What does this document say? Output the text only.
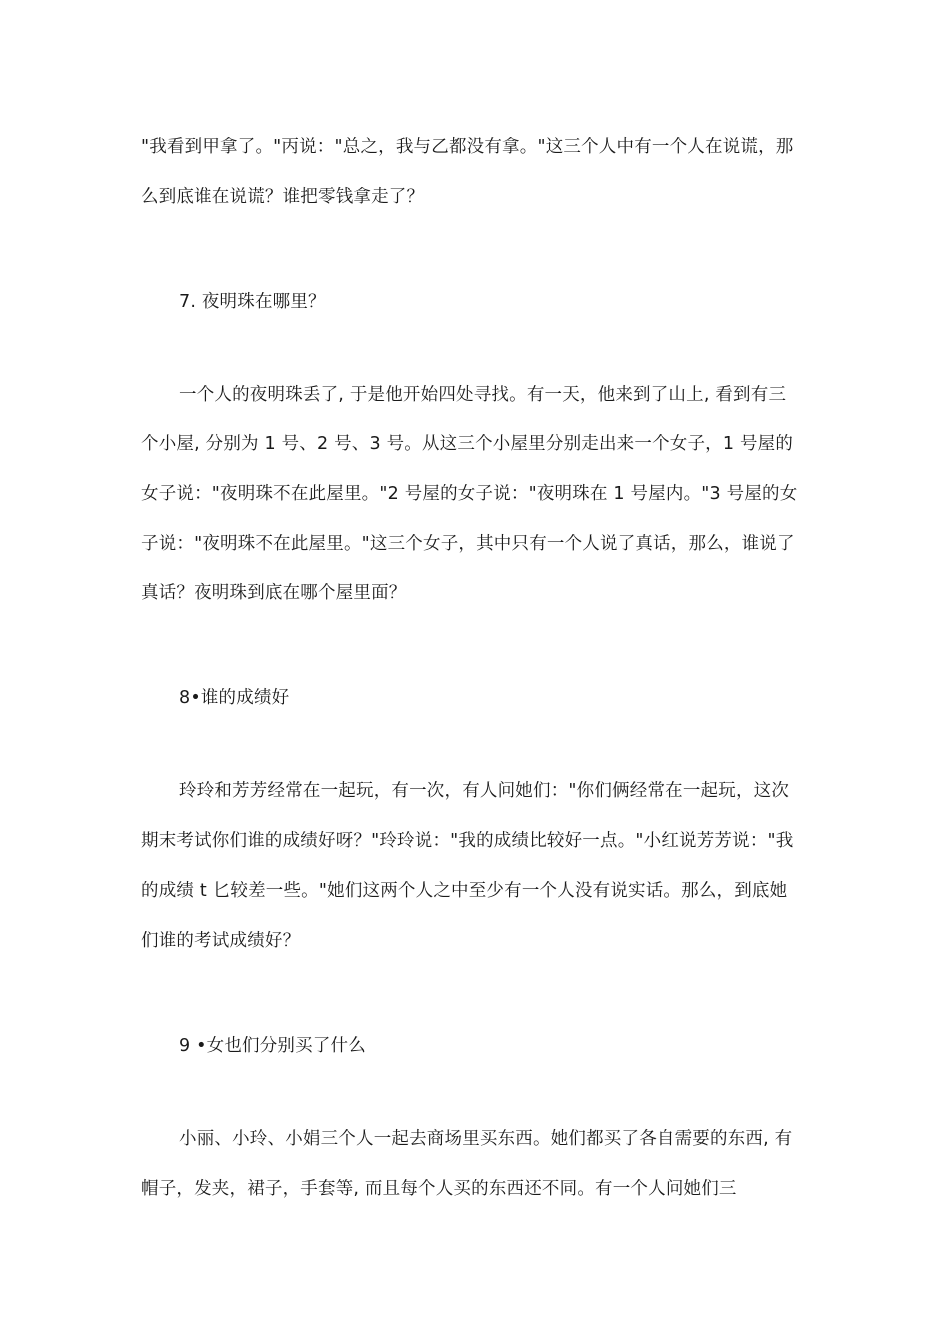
"我看到甲拿了。"丙说："总之，我与乙都没有拿。"这三个人中有一个人在说谎，那
么到底谁在说谎？谁把零钱拿走了？
7. 夜明珠在哪里？
一个人的夜明珠丢了, 于是他开始四处寻找。有一天，他来到了山上, 看到有三
个小屋, 分别为 1 号、2 号、3 号。从这三个小屋里分别走出来一个女子，1 号屋的
女子说："夜明珠不在此屋里。"2 号屋的女子说："夜明珠在 1 号屋内。"3 号屋的女
子说："夜明珠不在此屋里。"这三个女子，其中只有一个人说了真话，那么，谁说了
真话？夜明珠到底在哪个屋里面？
8•谁的成绩好
玲玲和芳芳经常在一起玩，有一次，有人问她们："你们俩经常在一起玩，这次
期末考试你们谁的成绩好呀？"玲玲说："我的成绩比较好一点。"小红说芳芳说："我
的成绩 t 匕较差一些。"她们这两个人之中至少有一个人没有说实话。那么，到底她
们谁的考试成绩好？
9 •女也们分别买了什么
小丽、小玲、小娟三个人一起去商场里买东西。她们都买了各自需要的东西, 有
帽子，发夹，裙子，手套等, 而且每个人买的东西还不同。有一个人问她们三
